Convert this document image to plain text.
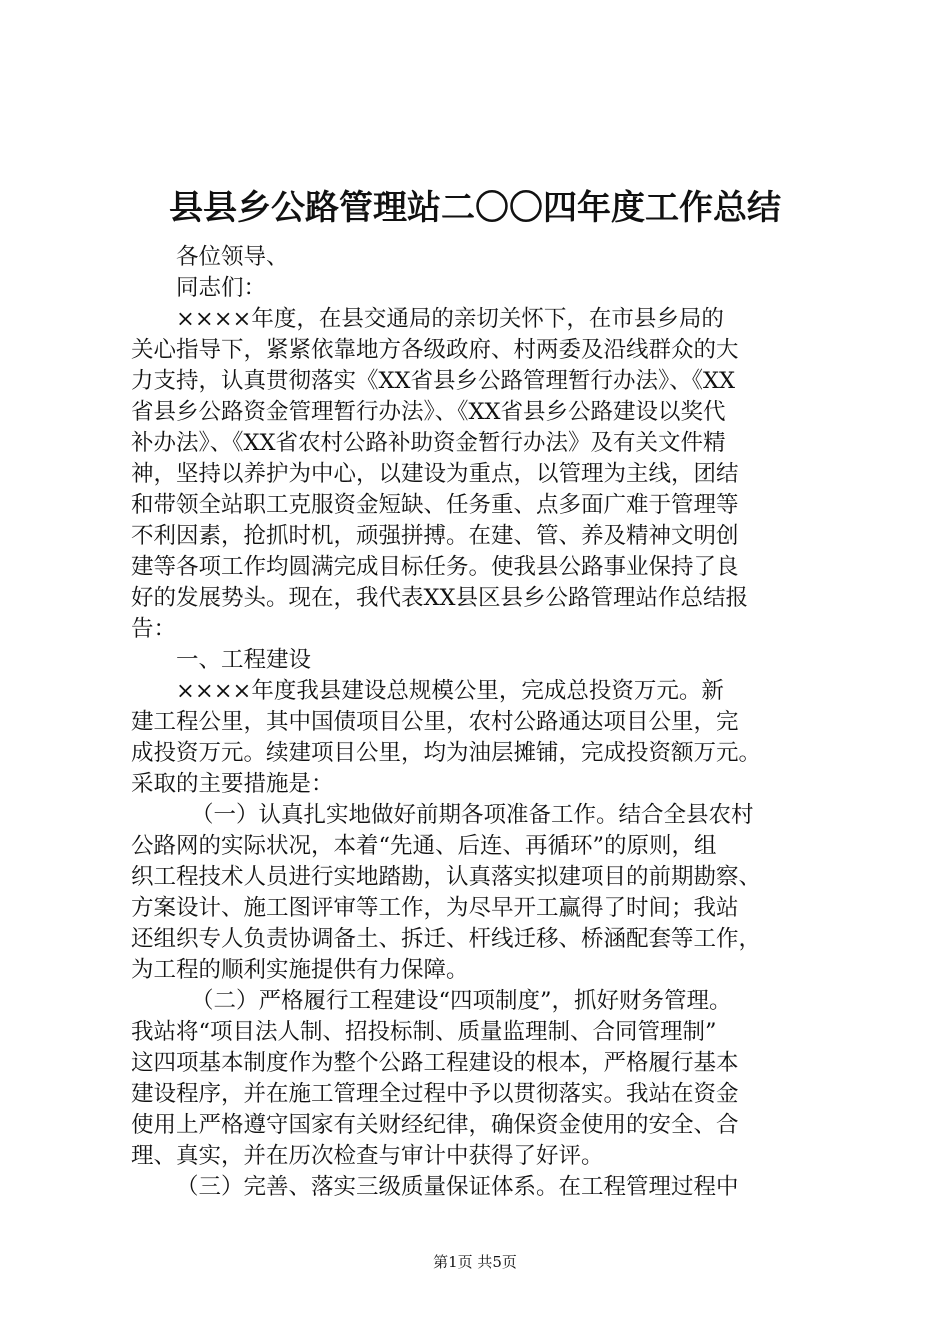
县县乡公路管理站二〇〇四年度工作总结
各位领导、
同志们：
××××年度，在县交通局的亲切关怀下，在市县乡局的
关心指导下，紧紧依靠地方各级政府、村两委及沿线群众的大
力支持，认真贯彻落实《XX省县乡公路管理暂行办法》、《XX
省县乡公路资金管理暂行办法》、《XX省县乡公路建设以奖代
补办法》、《XX省农村公路补助资金暂行办法》及有关文件精
神，坚持以养护为中心，以建设为重点，以管理为主线，团结
和带领全站职工克服资金短缺、任务重、点多面广难于管理等
不利因素，抢抓时机，顽强拼搏。在建、管、养及精神文明创
建等各项工作均圆满完成目标任务。使我县公路事业保持了良
好的发展势头。现在，我代表XX县区县乡公路管理站作总结报
告：
一、工程建设
××××年度我县建设总规模公里，完成总投资万元。新
建工程公里，其中国债项目公里，农村公路通达项目公里，完
成投资万元。续建项目公里，均为油层摊铺，完成投资额万元。
采取的主要措施是：
（一）认真扎实地做好前期各项准备工作。结合全县农村
公路网的实际状况，本着“先通、后连、再循环”的原则，组
织工程技术人员进行实地踏勘，认真落实拟建项目的前期勘察、
方案设计、施工图评审等工作，为尽早开工赢得了时间；我站
还组织专人负责协调备土、拆迁、杆线迁移、桥涵配套等工作，
为工程的顺利实施提供有力保障。
（二）严格履行工程建设“四项制度”，抓好财务管理。
我站将“项目法人制、招投标制、质量监理制、合同管理制”
这四项基本制度作为整个公路工程建设的根本，严格履行基本
建设程序，并在施工管理全过程中予以贯彻落实。我站在资金
使用上严格遵守国家有关财经纪律，确保资金使用的安全、合
理、真实，并在历次检查与审计中获得了好评。
（三）完善、落实三级质量保证体系。在工程管理过程中
第1页 共5页
